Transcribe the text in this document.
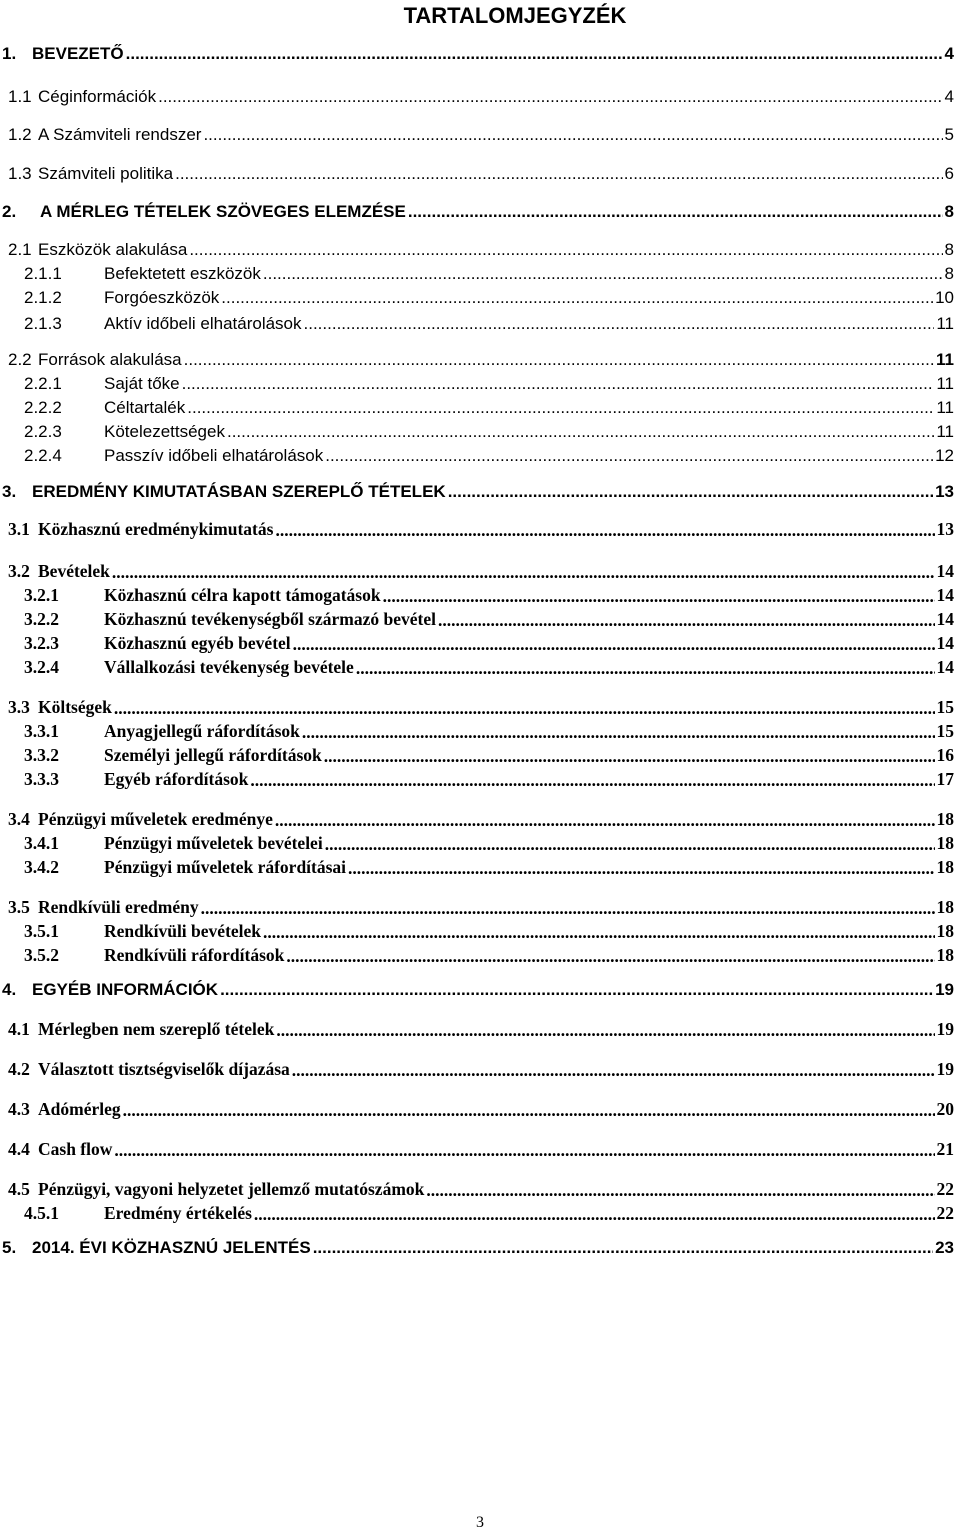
TARTALOMJEGYZÉK
1. BEVEZETŐ .....	4
1.1 Céginformációk .....	4
1.2 A Számviteli rendszer .....	5
1.3 Számviteli politika .....	6
2.	A MÉRLEG TÉTELEK SZÖVEGES ELEMZÉSE .....	8
2.1 Eszközök alakulása .....	8
2.1.1	Befektetett eszközök .....	8
2.1.2	Forgóeszközök .....	10
2.1.3	Aktív időbeli elhatárolások .....	11
2.2 Források alakulása .....	11
2.2.1	Saját tőke .....	11
2.2.2	Céltartalék .....	11
2.2.3	Kötelezettségek .....	11
2.2.4	Passzív időbeli elhatárolások .....	12
3. EREDMÉNY KIMUTATÁSBAN SZEREPLŐ TÉTELEK .....	13
3.1 Közhasznú eredménykimutatás .....	13
3.2 Bevételek .....	14
3.2.1	Közhasznú célra kapott támogatások .....	14
3.2.2	Közhasznú tevékenységből származó bevétel .....	14
3.2.3	Közhasznú egyéb bevétel .....	14
3.2.4	Vállalkozási tevékenység bevétele .....	14
3.3 Költségek .....	15
3.3.1	Anyagjellegű ráfordítások .....	15
3.3.2	Személyi jellegű ráfordítások .....	16
3.3.3	Egyéb ráfordítások .....	17
3.4 Pénzügyi műveletek eredménye .....	18
3.4.1	Pénzügyi műveletek bevételei .....	18
3.4.2	Pénzügyi műveletek ráfordításai .....	18
3.5 Rendkívüli eredmény .....	18
3.5.1	Rendkívüli bevételek .....	18
3.5.2	Rendkívüli ráfordítások .....	18
4. EGYÉB INFORMÁCIÓK .....	19
4.1 Mérlegben nem szereplő tételek .....	19
4.2 Választott tisztségviselők díjazása .....	19
4.3 Adómérleg .....	20
4.4 Cash flow .....	21
4.5 Pénzügyi, vagyoni helyzetet jellemző mutatószámok .....	22
4.5.1	Eredmény értékelés .....	22
5. 2014. ÉVI KÖZHASZNÚ JELENTÉS .....	23
3
